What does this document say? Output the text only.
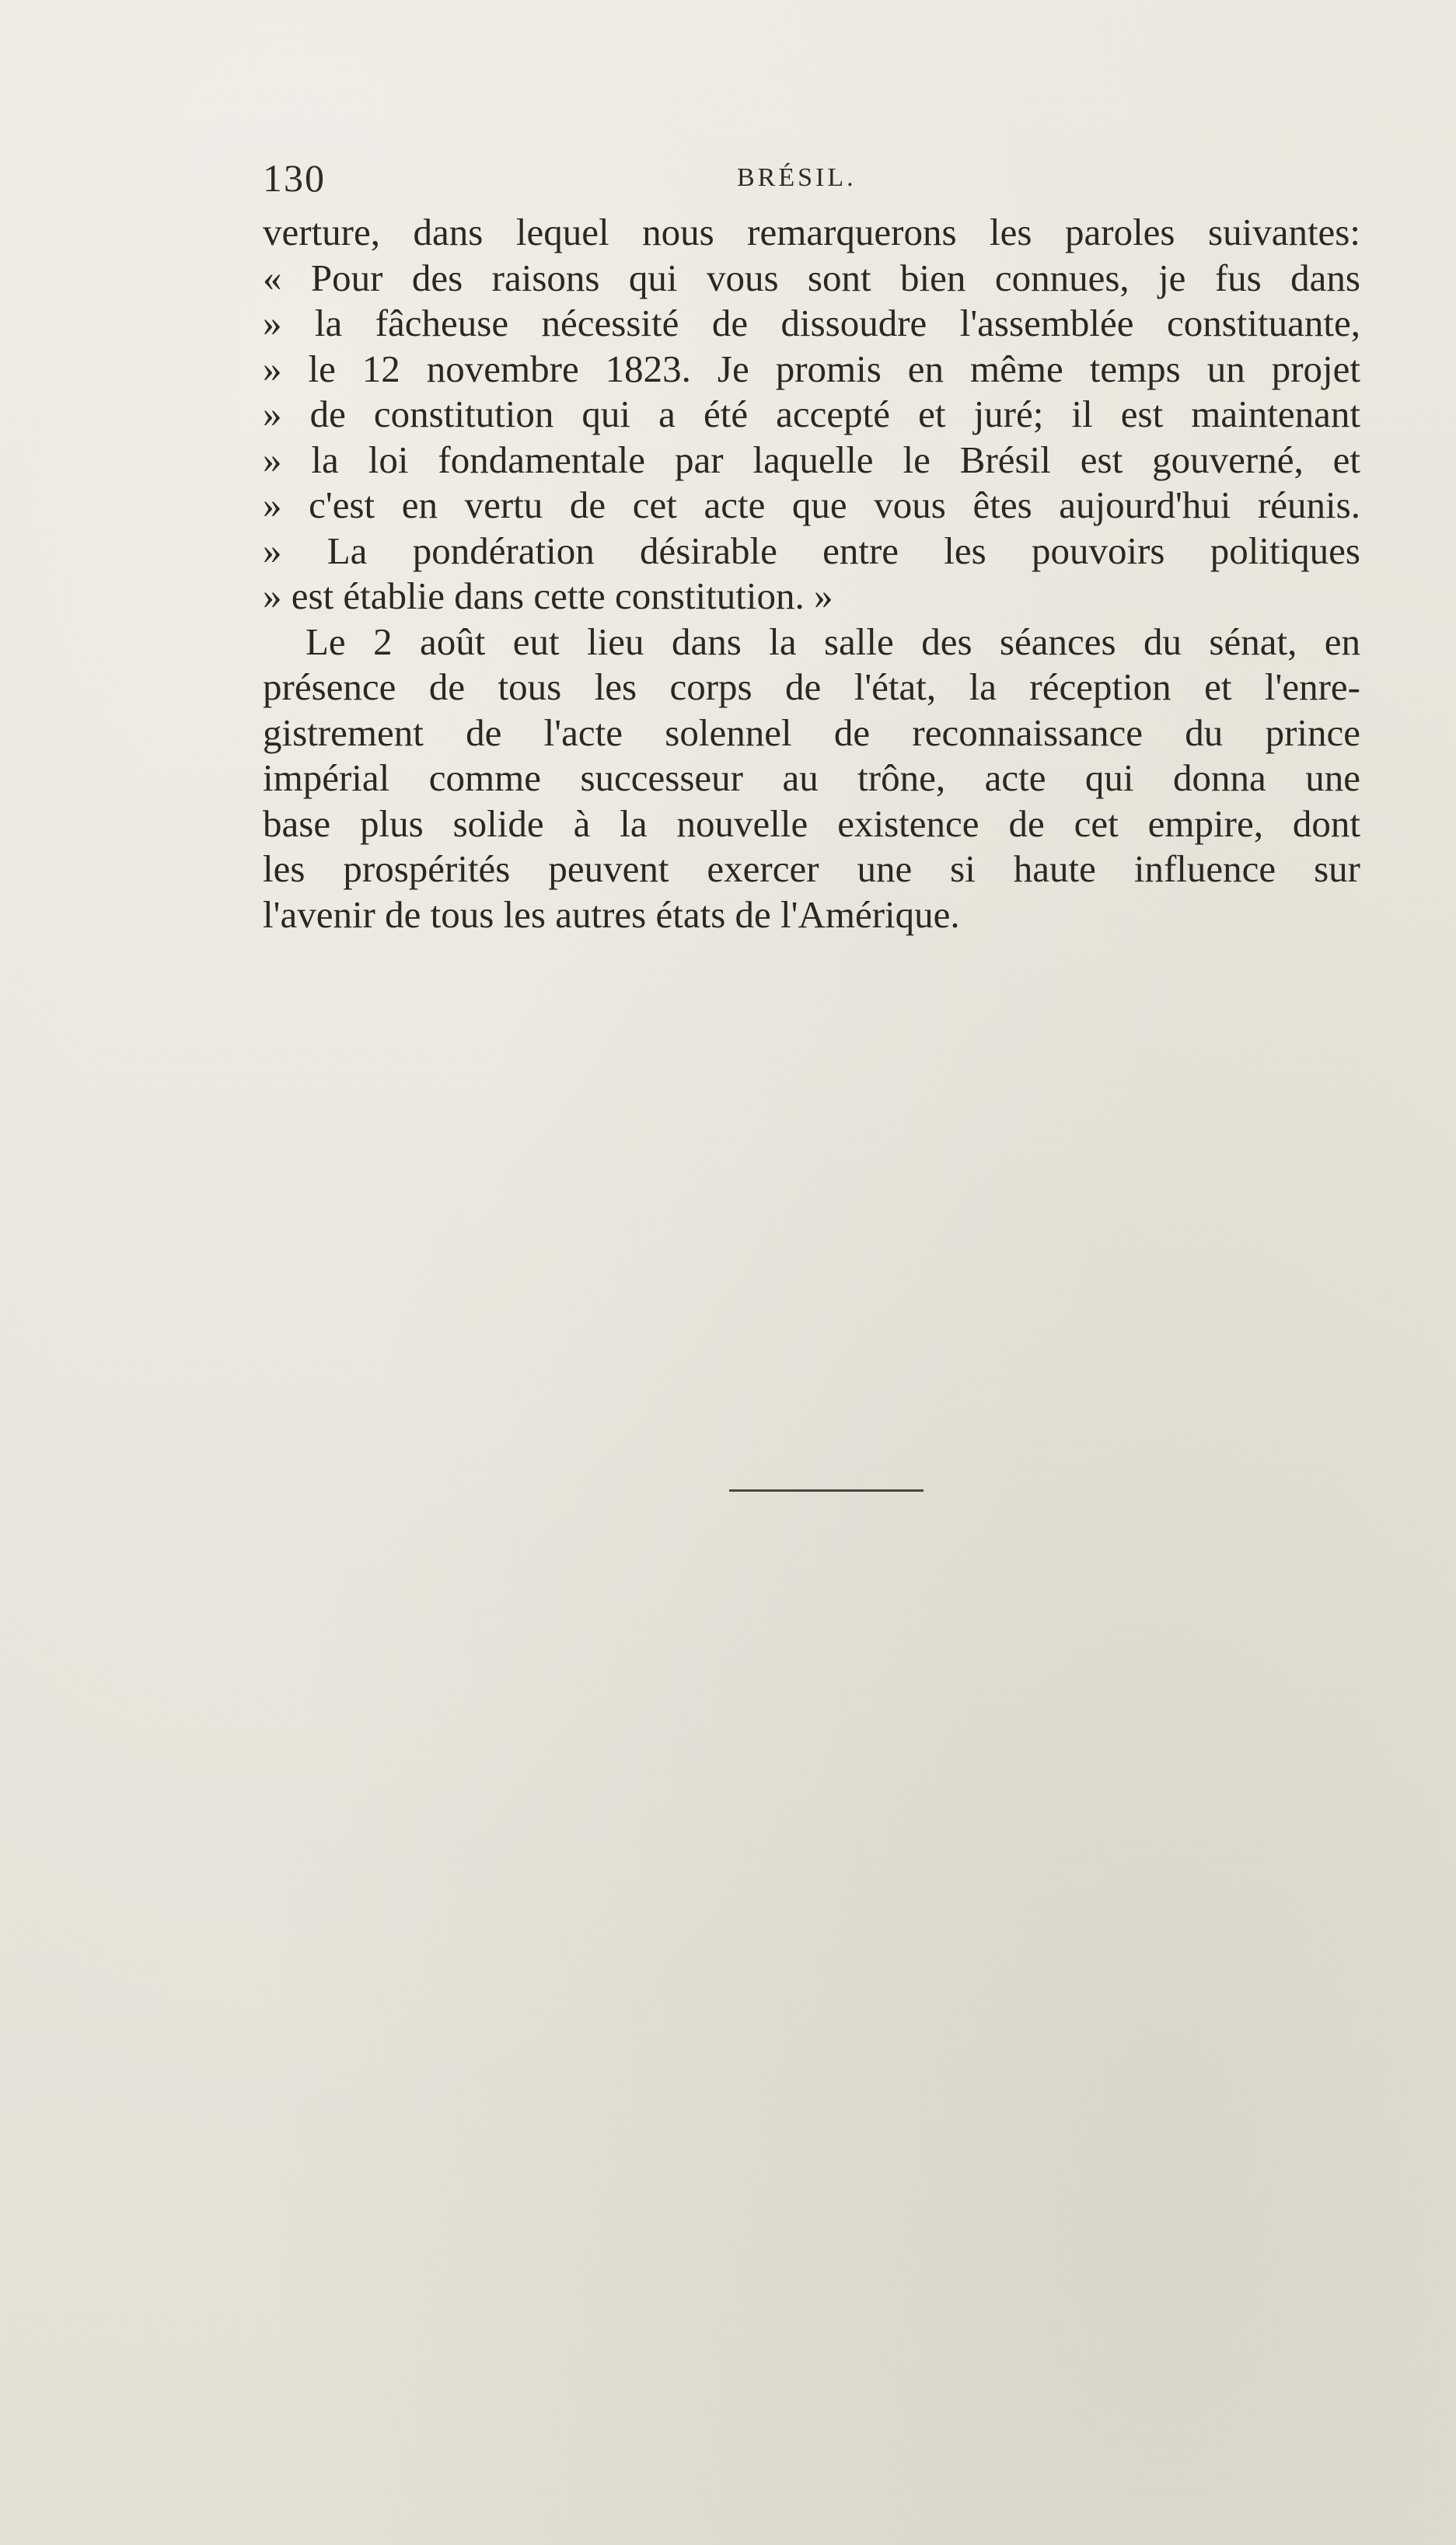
130	BRÉSIL.
verture, dans lequel nous remarquerons les paroles suivantes:
« Pour des raisons qui vous sont bien connues, je fus dans
» la fâcheuse nécessité de dissoudre l'assemblée constituante,
» le 12 novembre 1823. Je promis en même temps un projet
» de constitution qui a été accepté et juré; il est maintenant
» la loi fondamentale par laquelle le Brésil est gouverné, et
» c'est en vertu de cet acte que vous êtes aujourd'hui réunis.
» La pondération désirable entre les pouvoirs politiques
» est établie dans cette constitution. »
Le 2 août eut lieu dans la salle des séances du sénat, en
présence de tous les corps de l'état, la réception et l'enre-
gistrement de l'acte solennel de reconnaissance du prince
impérial comme successeur au trône, acte qui donna une
base plus solide à la nouvelle existence de cet empire, dont
les prospérités peuvent exercer une si haute influence sur
l'avenir de tous les autres états de l'Amérique.
